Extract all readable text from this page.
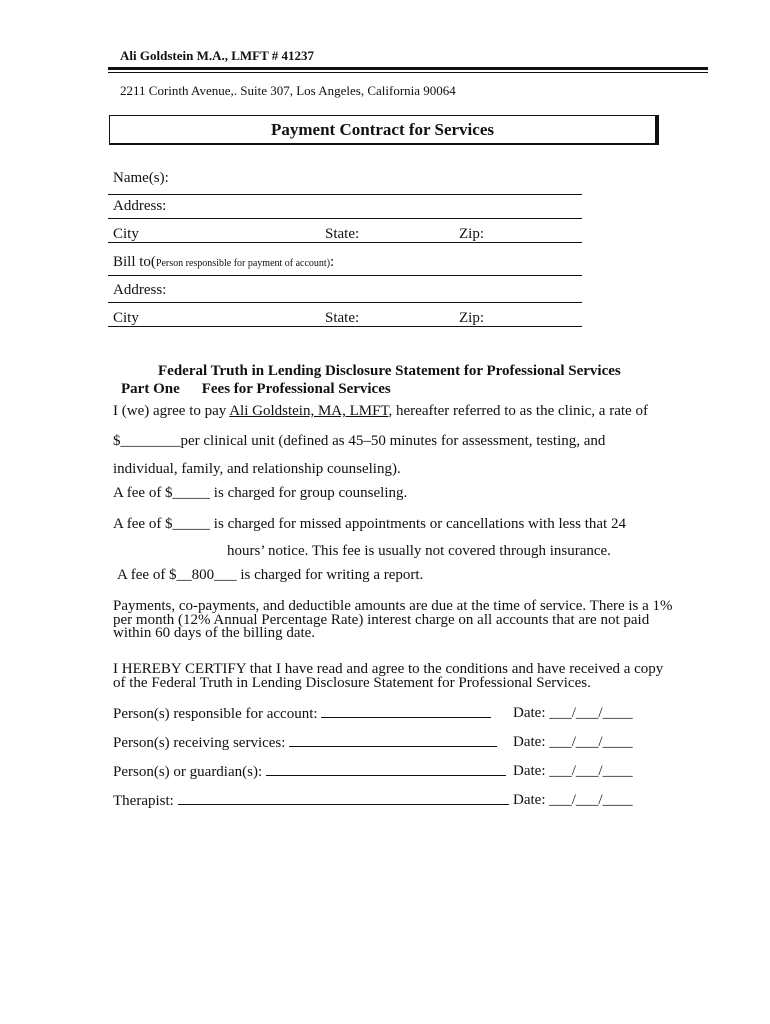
Ali Goldstein M.A., LMFT # 41237
2211 Corinth Avenue,. Suite 307, Los Angeles, California 90064
Payment Contract for Services
Name(s):
Address:
City	State:	Zip:
Bill to(Person responsible for payment of account):
Address:
City	State:	Zip:
Federal Truth in Lending Disclosure Statement for Professional Services
Part One Fees for Professional Services
I (we) agree to pay Ali Goldstein, MA, LMFT, hereafter referred to as the clinic, a rate of
$________per clinical unit (defined as 45–50 minutes for assessment, testing, and
individual, family, and relationship counseling).
A fee of $_____ is charged for group counseling.
A fee of $_____ is charged for missed appointments or cancellations with less that 24
hours’ notice. This fee is usually not covered through insurance.
A fee of $__800___ is charged for writing a report.
Payments, co-payments, and deductible amounts are due at the time of service. There is a 1% per month (12% Annual Percentage Rate) interest charge on all accounts that are not paid within 60 days of the billing date.
I HEREBY CERTIFY that I have read and agree to the conditions and have received a copy of the Federal Truth in Lending Disclosure Statement for Professional Services.
Person(s) responsible for account:	Date: ___/___/____
Person(s) receiving services:	Date: ___/___/____
Person(s) or guardian(s):	Date: ___/___/____
Therapist:	Date: ___/___/____
